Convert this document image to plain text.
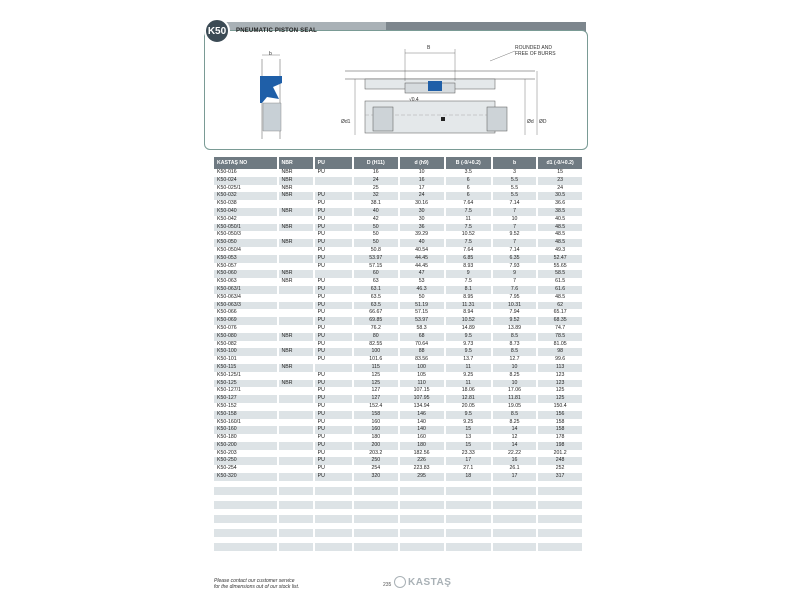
b
B	ROUNDED AND
FREE OF BURRS
√0.4
Ød1	Ød ØD
K50	PNEUMATIC PISTON SEAL
KASTAŞ NO	NBR	PU	D (H11)	d (h9)	B (-0/+0.2)	b	d1 (-0/+0.2)
K50-016	NBR	PU	16	10	3.5	3	15
K50-024	NBR		24	16	6	5.5	23
K50-025/1	NBR		25	17	6	5.5	24
K50-032	NBR	PU	32	24	6	5.5	30.5
K50-038		PU	38.1	30.16	7.64	7.14	36.6
K50-040	NBR	PU	40	30	7.5	7	38.5
K50-042		PU	42	30	11	10	40.5
K50-050/1	NBR	PU	50	36	7.5	7	48.5
K50-050/3		PU	50	39.29	10.52	9.52	48.5
K50-050	NBR	PU	50	40	7.5	7	48.5
K50-050/4		PU	50.8	40.54	7.64	7.14	49.3
K50-053		PU	53.97	44.45	6.85	6.35	52.47
K50-057		PU	57.15	44.45	8.93	7.93	55.65
K50-060	NBR		60	47	9	9	58.5
K50-063	NBR	PU	63	53	7.5	7	61.5
K50-063/1		PU	63.1	46.3	8.1	7.6	61.6
K50-063/4		PU	63.5	50	8.95	7.95	48.5
K50-063/3		PU	63.5	51.19	11.31	10.31	62
K50-066		PU	66.67	57.15	8.94	7.94	65.17
K50-069		PU	69.85	53.97	10.52	9.52	68.35
K50-076		PU	76.2	58.3	14.89	13.89	74.7
K50-080	NBR	PU	80	68	9.5	8.5	78.5
K50-082		PU	82.55	70.64	9.73	8.73	81.05
K50-100	NBR	PU	100	88	9.5	8.5	98
K50-101		PU	101.6	83.56	13.7	12.7	99.6
K50-115	NBR		115	100	11	10	113
K50-125/1		PU	125	105	9.25	8.25	123
K50-125	NBR	PU	125	110	11	10	123
K50-127/1		PU	127	107.15	18.06	17.06	125
K50-127		PU	127	107.95	12.81	11.81	125
K50-152		PU	152.4	134.94	20.05	19.05	150.4
K50-158		PU	158	146	9.5	8.5	156
K50-160/1		PU	160	140	9.25	8.25	158
K50-160		PU	160	140	15	14	158
K50-180		PU	180	160	13	12	178
K50-200		PU	200	180	15	14	198
K50-203		PU	203.2	182.56	23.33	22.22	201.2
K50-250		PU	250	226	17	16	248
K50-254		PU	254	223.83	27.1	26.1	252
K50-320		PU	320	295	18	17	317

Please contact our customer service
for the dimensions out of our stock list.	235 KASTAŞ
